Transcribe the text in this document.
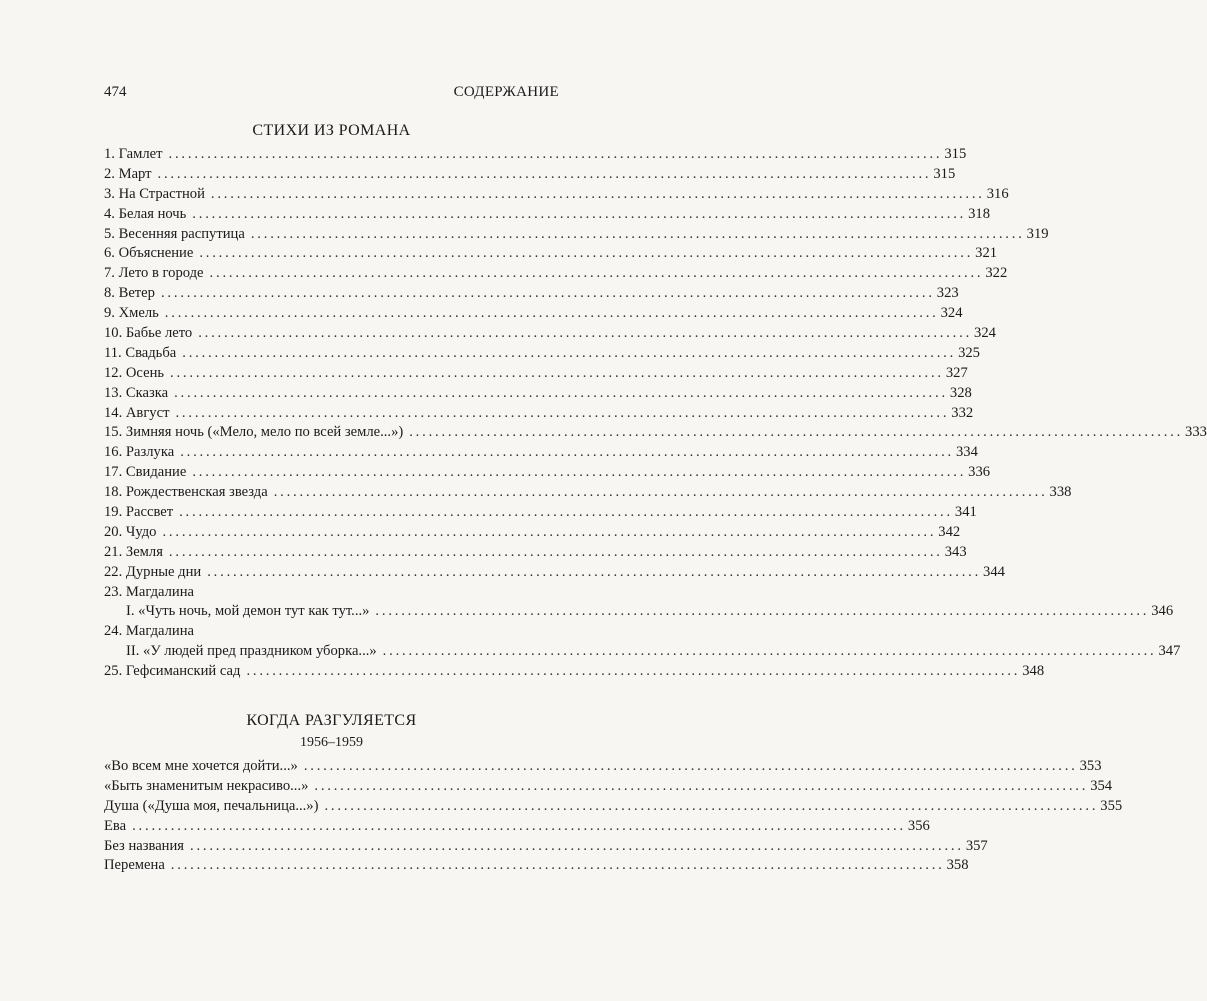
474	СОДЕРЖАНИЕ
СТИХИ ИЗ РОМАНА
1. Гамлет ........................................................................................................................ 315
2. Март ........................................................................................................................ 315
3. На Страстной ........................................................................................................................ 316
4. Белая ночь ........................................................................................................................ 318
5. Весенняя распутица ........................................................................................................................ 319
6. Объяснение ........................................................................................................................ 321
7. Лето в городе ........................................................................................................................ 322
8. Ветер ........................................................................................................................ 323
9. Хмель ........................................................................................................................ 324
10. Бабье лето ........................................................................................................................ 324
11. Свадьба ........................................................................................................................ 325
12. Осень ........................................................................................................................ 327
13. Сказка ........................................................................................................................ 328
14. Август ........................................................................................................................ 332
15. Зимняя ночь («Мело, мело по всей земле...») ........................................................................................................................ 333
16. Разлука ........................................................................................................................ 334
17. Свидание ........................................................................................................................ 336
18. Рождественская звезда ........................................................................................................................ 338
19. Рассвет ........................................................................................................................ 341
20. Чудо ........................................................................................................................ 342
21. Земля ........................................................................................................................ 343
22. Дурные дни ........................................................................................................................ 344
23. Магдалина
I. «Чуть ночь, мой демон тут как тут...» ........................................................................................................................ 346
24. Магдалина
II. «У людей пред праздником уборка...» ........................................................................................................................ 347
25. Гефсиманский сад ........................................................................................................................ 348
КОГДА РАЗГУЛЯЕТСЯ
1956–1959
«Во всем мне хочется дойти...» ........................................................................................................................ 353
«Быть знаменитым некрасиво...» ........................................................................................................................ 354
Душа («Душа моя, печальница...») ........................................................................................................................ 355
Ева ........................................................................................................................ 356
Без названия ........................................................................................................................ 357
Перемена ........................................................................................................................ 358
